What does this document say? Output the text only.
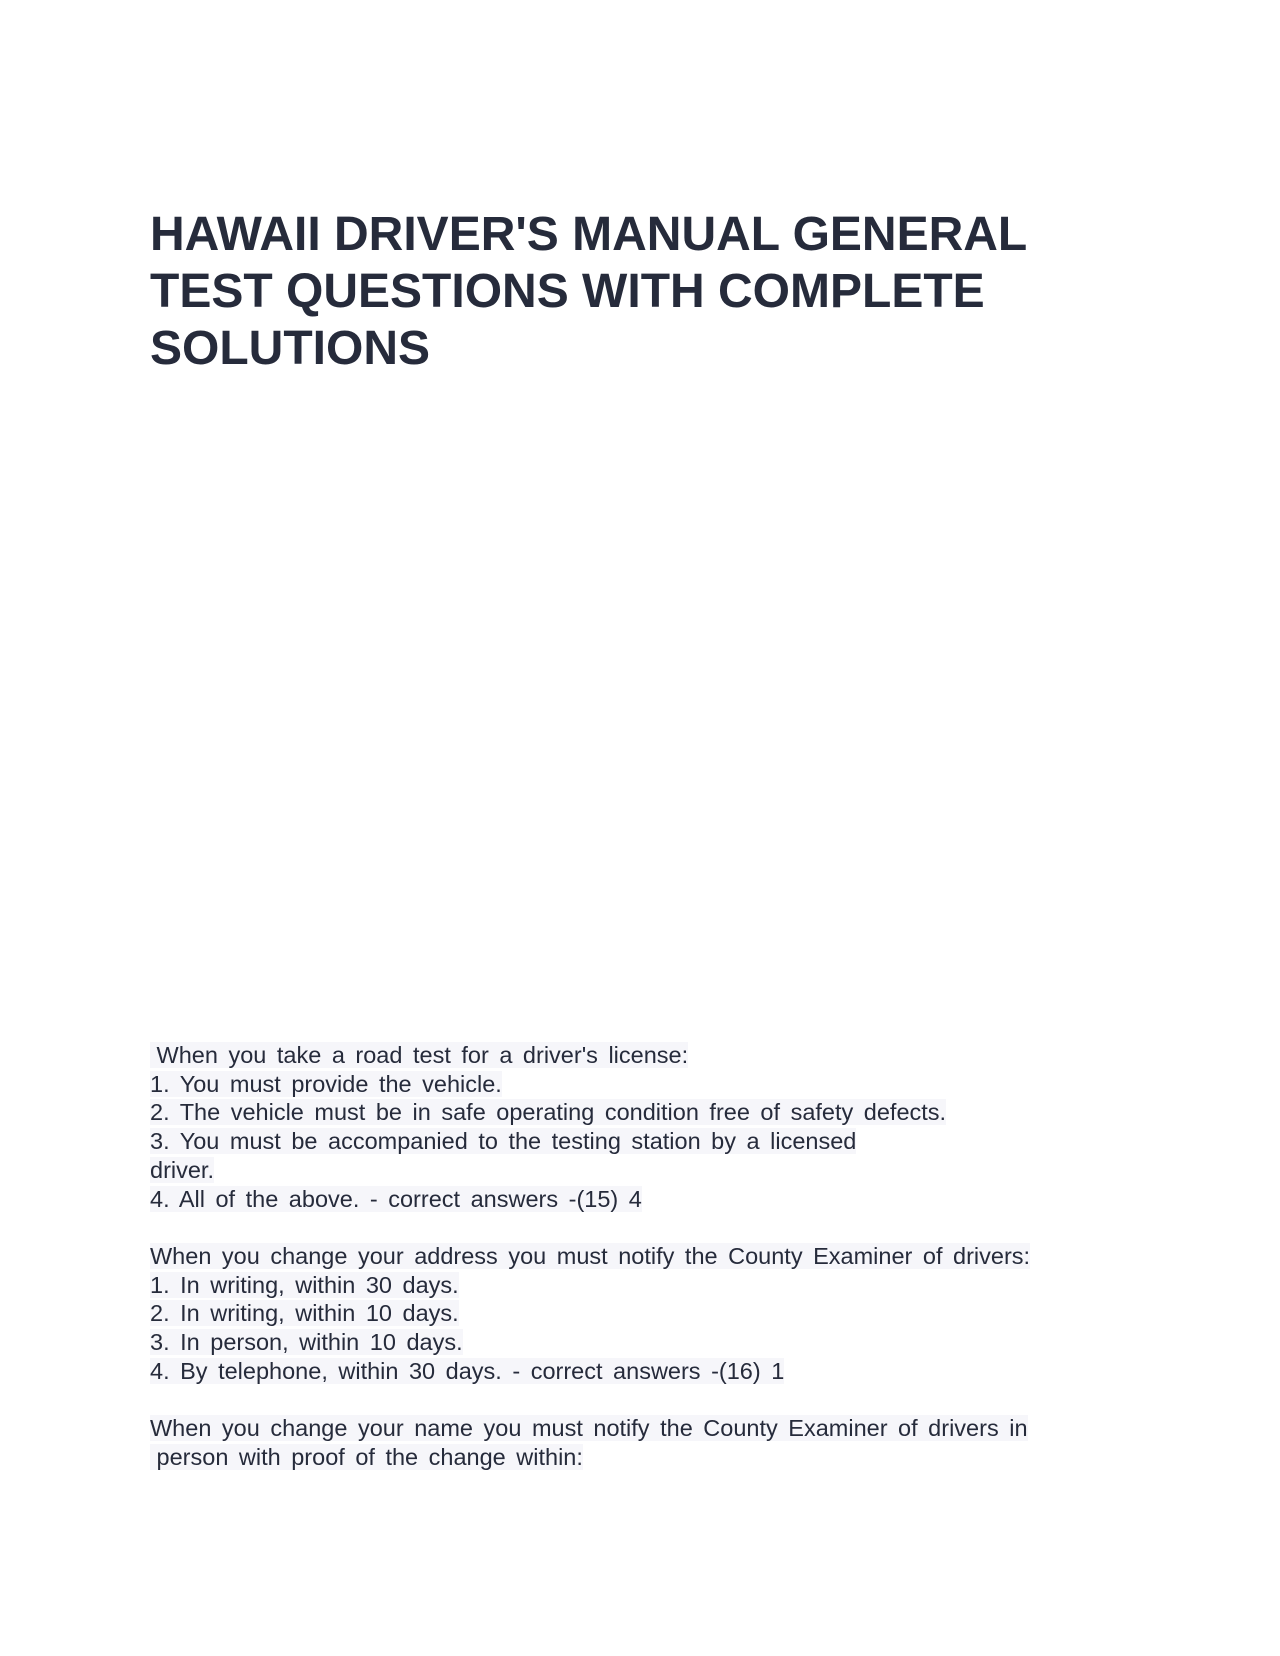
HAWAII DRIVER'S MANUAL GENERAL
TEST QUESTIONS WITH COMPLETE
SOLUTIONS
When you take a road test for a driver's license:
1. You must provide the vehicle.
2. The vehicle must be in safe operating condition free of safety defects.
3. You must be accompanied to the testing station by a licensed
driver.
4. All of the above. - correct answers -(15) 4
When you change your address you must notify the County Examiner of drivers:
1. In writing, within 30 days.
2. In writing, within 10 days.
3. In person, within 10 days.
4. By telephone, within 30 days. - correct answers -(16) 1
When you change your name you must notify the County Examiner of drivers in
person with proof of the change within:
